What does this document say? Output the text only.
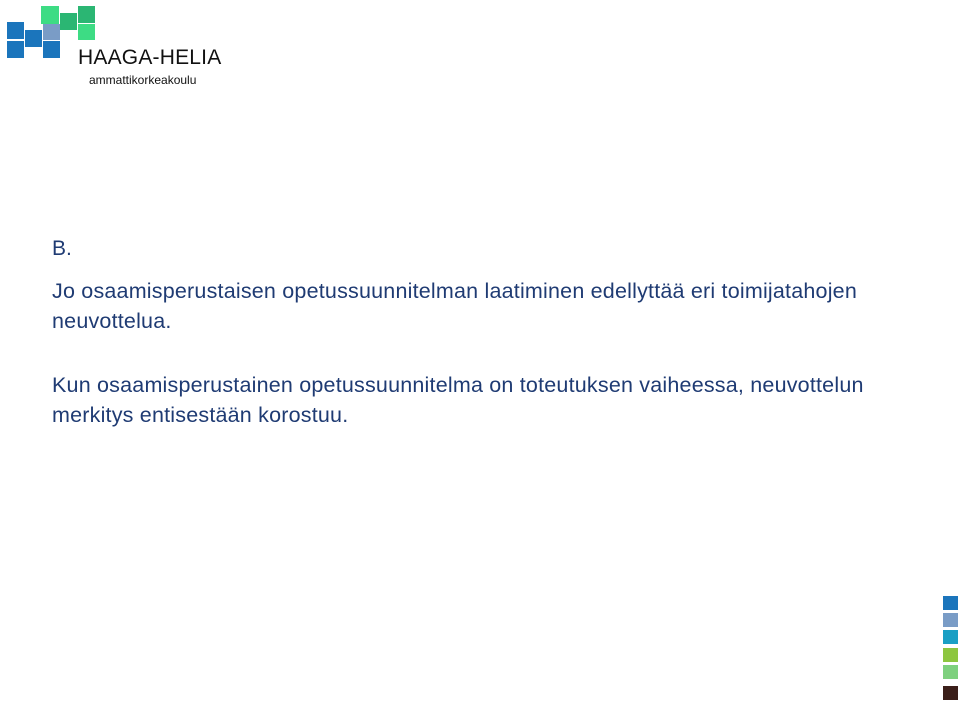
HAAGA-HELIA
ammattikorkeakoulu
B.

Jo osaamisperustaisen opetussuunnitelman laatiminen edellyttää eri toimijatahojen neuvottelua.

Kun osaamisperustainen opetussuunnitelma on toteutuksen vaiheessa, neuvottelun merkitys entisestään korostuu.
